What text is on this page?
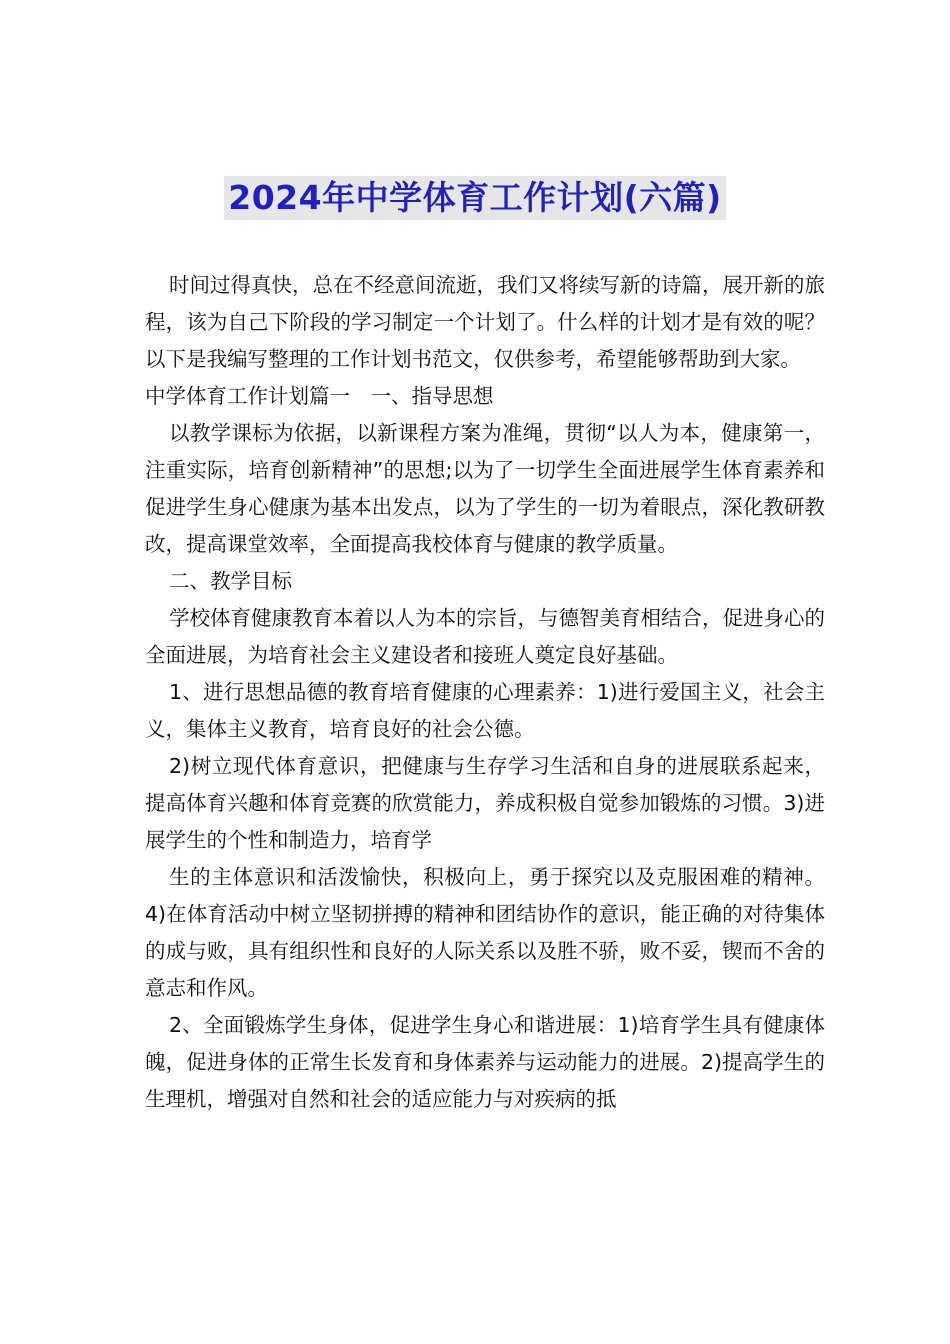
2024年中学体育工作计划(六篇)

时间过得真快，总在不经意间流逝，我们又将续写新的诗篇，展开新的旅程，该为自己下阶段的学习制定一个计划了。什么样的计划才是有效的呢？以下是我编写整理的工作计划书范文，仅供参考，希望能够帮助到大家。

中学体育工作计划篇一　一、指导思想

以教学课标为依据，以新课程方案为准绳，贯彻“以人为本，健康第一，注重实际，培育创新精神”的思想;以为了一切学生全面进展学生体育素养和促进学生身心健康为基本出发点，以为了学生的一切为着眼点，深化教研教改，提高课堂效率，全面提高我校体育与健康的教学质量。

二、教学目标

学校体育健康教育本着以人为本的宗旨，与德智美育相结合，促进身心的全面进展，为培育社会主义建设者和接班人奠定良好基础。

1、进行思想品德的教育培育健康的心理素养：1)进行爱国主义，社会主义，集体主义教育，培育良好的社会公德。

2)树立现代体育意识，把健康与生存学习生活和自身的进展联系起来，提高体育兴趣和体育竞赛的欣赏能力，养成积极自觉参加锻炼的习惯。3)进展学生的个性和制造力，培育学

生的主体意识和活泼愉快，积极向上，勇于探究以及克服困难的精神。4)在体育活动中树立坚韧拼搏的精神和团结协作的意识，能正确的对待集体的成与败，具有组织性和良好的人际关系以及胜不骄，败不妥，锲而不舍的意志和作风。

2、全面锻炼学生身体，促进学生身心和谐进展：1)培育学生具有健康体魄，促进身体的正常生长发育和身体素养与运动能力的进展。2)提高学生的生理机，增强对自然和社会的适应能力与对疾病的抵
